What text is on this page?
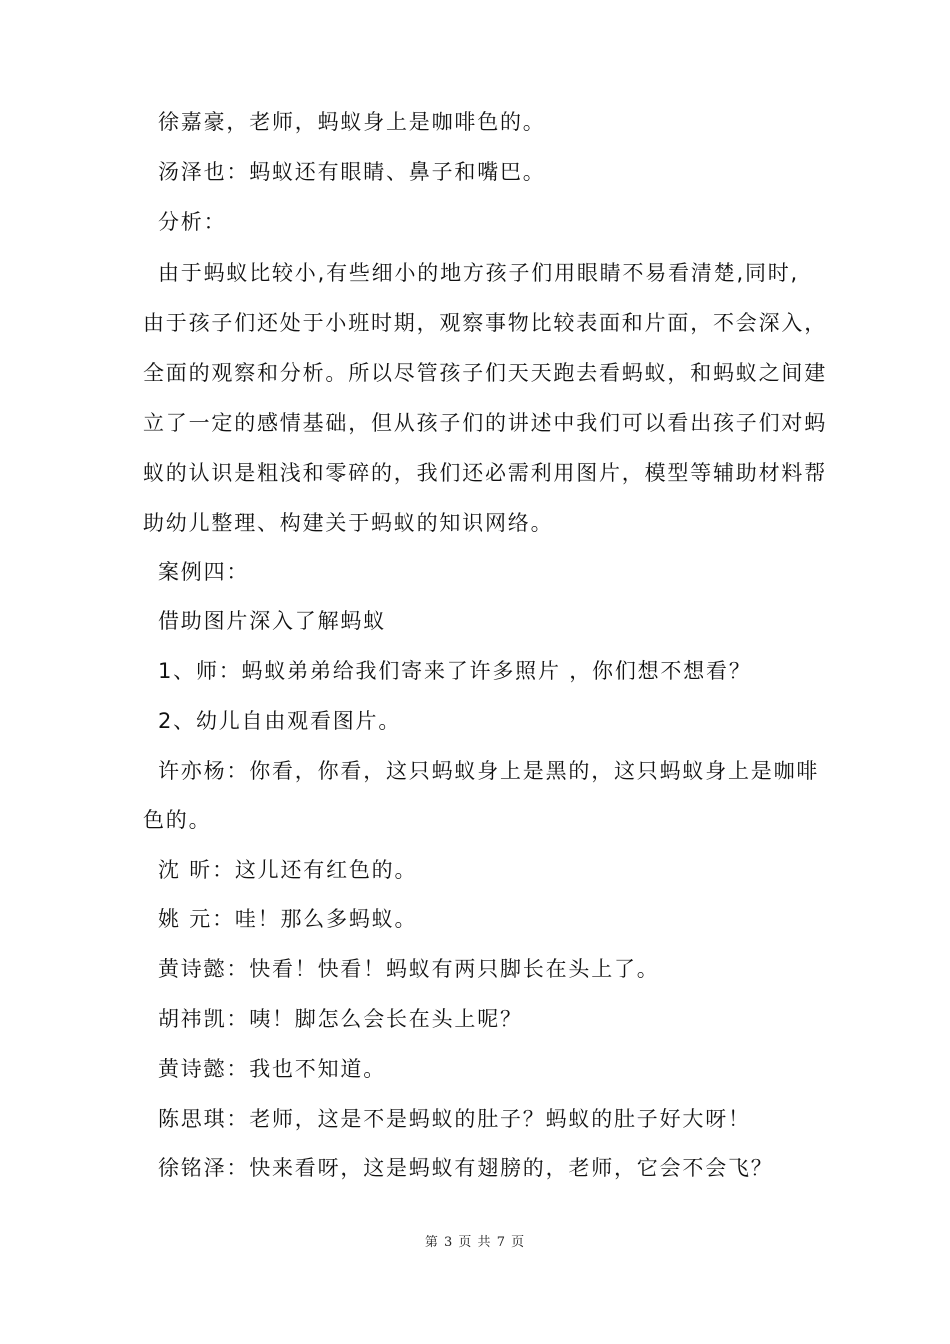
徐嘉豪，老师，蚂蚁身上是咖啡色的。
汤泽也：蚂蚁还有眼睛、鼻子和嘴巴。
分析：
由于蚂蚁比较小,有些细小的地方孩子们用眼睛不易看清楚,同时,
由于孩子们还处于小班时期，观察事物比较表面和片面，不会深入，
全面的观察和分析。所以尽管孩子们天天跑去看蚂蚁，和蚂蚁之间建
立了一定的感情基础，但从孩子们的讲述中我们可以看出孩子们对蚂
蚁的认识是粗浅和零碎的，我们还必需利用图片，模型等辅助材料帮
助幼儿整理、构建关于蚂蚁的知识网络。
案例四：
借助图片深入了解蚂蚁
1、师：蚂蚁弟弟给我们寄来了许多照片 ，你们想不想看？
2、幼儿自由观看图片。
许亦杨：你看，你看，这只蚂蚁身上是黑的，这只蚂蚁身上是咖啡
色的。
沈 昕：这儿还有红色的。
姚 元：哇！那么多蚂蚁。
黄诗懿：快看！快看！蚂蚁有两只脚长在头上了。
胡祎凯：咦！脚怎么会长在头上呢？
黄诗懿：我也不知道。
陈思琪：老师，这是不是蚂蚁的肚子？蚂蚁的肚子好大呀！
徐铭泽：快来看呀，这是蚂蚁有翅膀的，老师，它会不会飞？
第 3 页 共 7 页
